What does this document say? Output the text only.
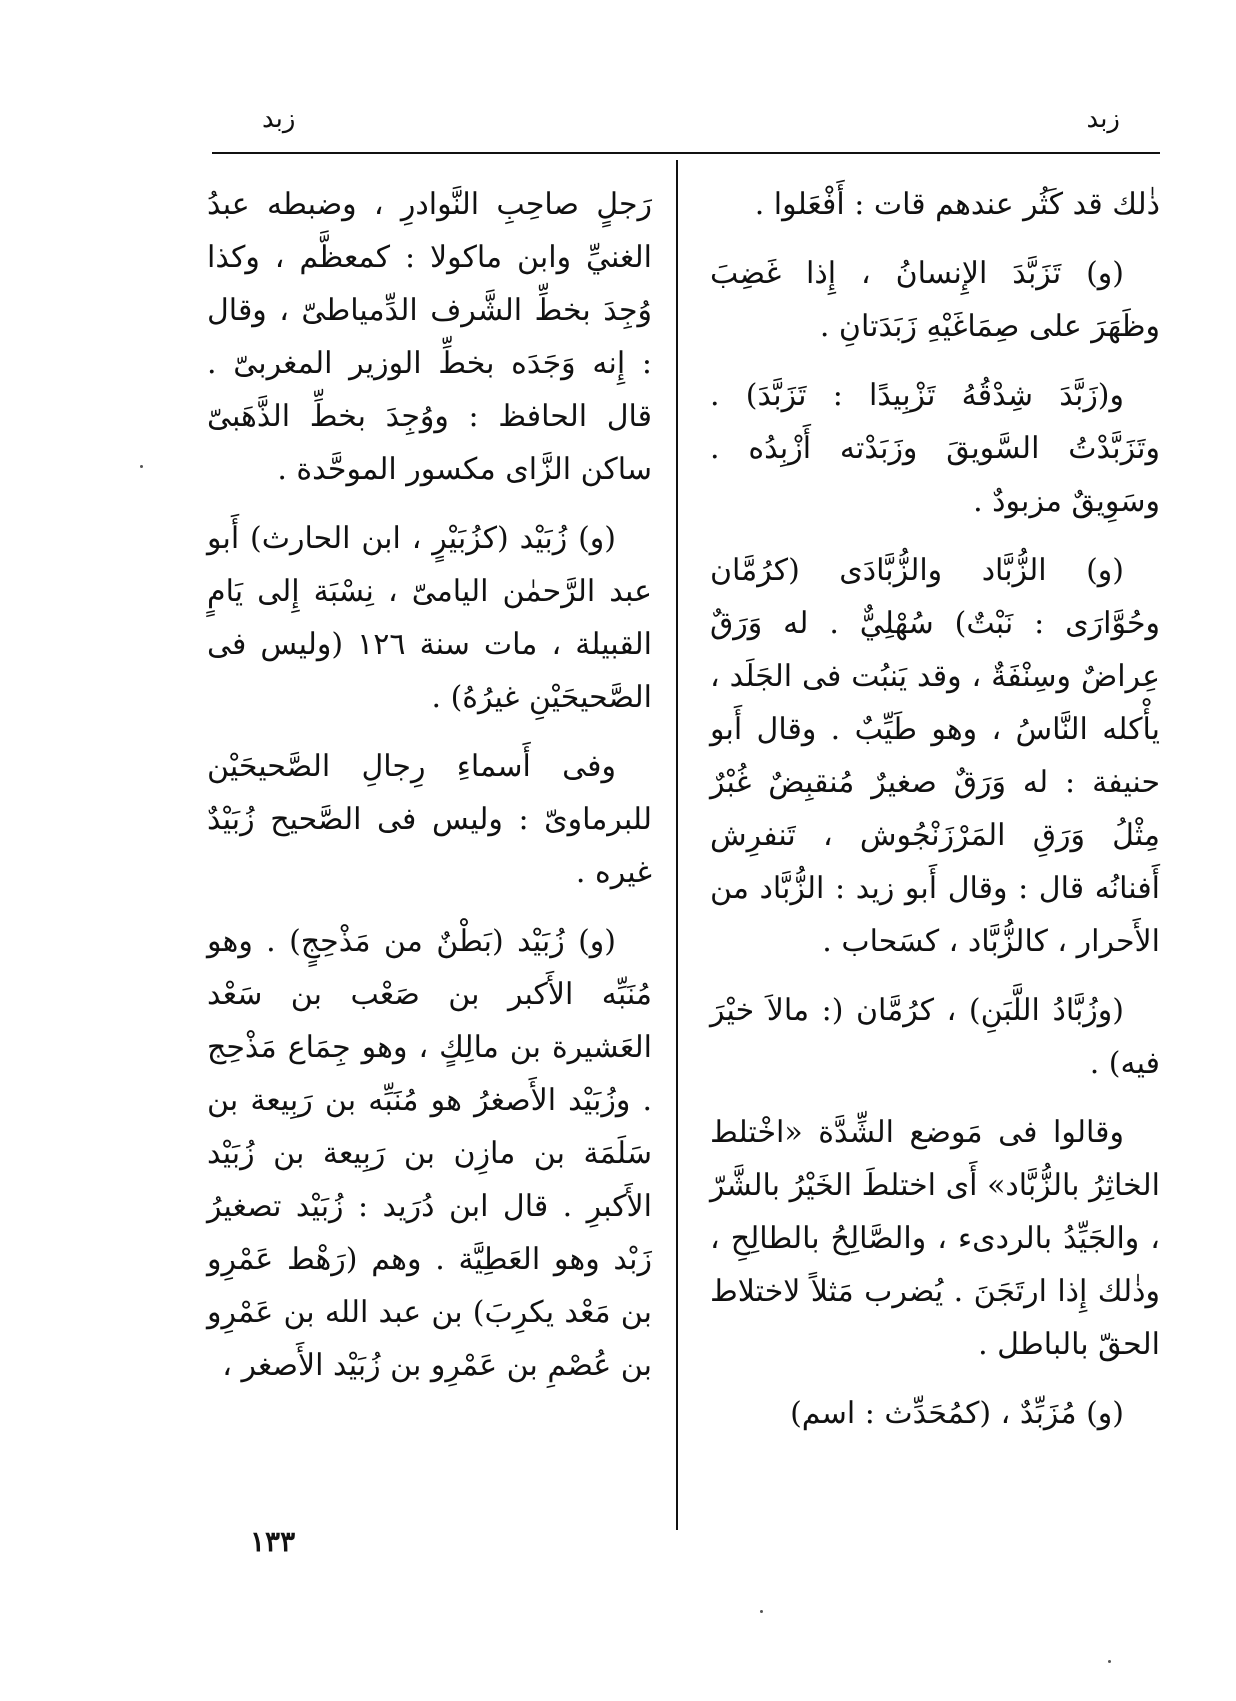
زبد
زبد

ذٰلك قد كَثُر عندهم قات : أَفْعَلوا .

(و) تَزَبَّدَ الإِنسانُ ، إِذا غَضِبَ وظَهَرَ على صِمَاغَيْهِ زَبَدَتانِ .

و(زَبَّدَ شِدْقُهُ تَزْبِيدًا : تَزَبَّدَ) . وتَزَبَّدْتُ السَّويقَ وزَبَدْته أَزْبِدُه . وسَوِيقٌ مزبودٌ .

(و) الزُّبَّاد والزُّبَّادَى (كرُمَّان وحُوَّارَى : نَبْتٌ) سُهْلِيٌّ . له وَرَقٌ عِراضٌ وسِنْفَةٌ ، وقد يَنبُت فى الجَلَد ، يأْكله النَّاسُ ، وهو طَيِّبٌ . وقال أَبو حنيفة : له وَرَقٌ صغيرٌ مُنقبِضٌ غُبْرٌ مِثْلُ وَرَقِ المَرْزَنْجُوش ، تَنفرِش أَفنانُه قال : وقال أَبو زيد : الزُّبَّاد من الأَحرار ، كالزُّبَّاد ، كسَحاب .

(وزُبَّادُ اللَّبَنِ) ، كرُمَّان (: مالاَ خيْرَ فيه) .

وقالوا فى مَوضع الشِّدَّة «اخْتلط الخاثِرُ بالزُّبَّاد» أَى اختلطَ الخَيْرُ بالشَّرّ ، والجَيِّدُ بالردىء ، والصَّالِحُ بالطالِحِ ، وذٰلك إِذا ارتَجَنَ . يُضرب مَثلاً لاختلاط الحقّ بالباطل .

(و) مُزَبِّدٌ ، (كمُحَدِّث : اسم)

رَجلٍ صاحِبِ النَّوادرِ ، وضبطه عبدُ الغنيِّ وابن ماكولا : كمعظَّم ، وكذا وُجِدَ بخطِّ الشَّرف الدِّمياطىّ ، وقال : إِنه وَجَدَه بخطِّ الوزير المغربىّ . قال الحافظ : ووُجِدَ بخطِّ الذَّهَبىّ ساكن الزَّاى مكسور الموحَّدة .

(و) زُبَيْد (كزُبَيْرٍ ، ابن الحارث) أَبو عبد الرَّحمٰن اليامىّ ، نِسْبَة إِلى يَامٍ القبيلة ، مات سنة ١٢٦ (وليس فى الصَّحيحَيْنِ غيرُهُ) .

وفى أَسماءِ رِجالِ الصَّحيحَيْن للبرماوىّ : وليس فى الصَّحيح زُبَيْدٌ غيره .

(و) زُبَيْد (بَطْنٌ من مَذْحِجٍ) . وهو مُنَبِّه الأَكبر بن صَعْب بن سَعْد العَشيرة بن مالِكٍ ، وهو جِمَاع مَذْحِج . وزُبَيْد الأَصغرُ هو مُنَبِّه بن رَبِيعة بن سَلَمَة بن مازِن بن رَبِيعة بن زُبَيْد الأَكبرِ . قال ابن دُرَيد : زُبَيْد تصغيرُ زَبْد وهو العَطِيَّة . وهم (رَهْط عَمْرِو بن مَعْد يكرِبَ) بن عبد الله بن عَمْرِو بن عُصْمِ بن عَمْرِو بن زُبَيْد الأَصغر ،

١٣٣
